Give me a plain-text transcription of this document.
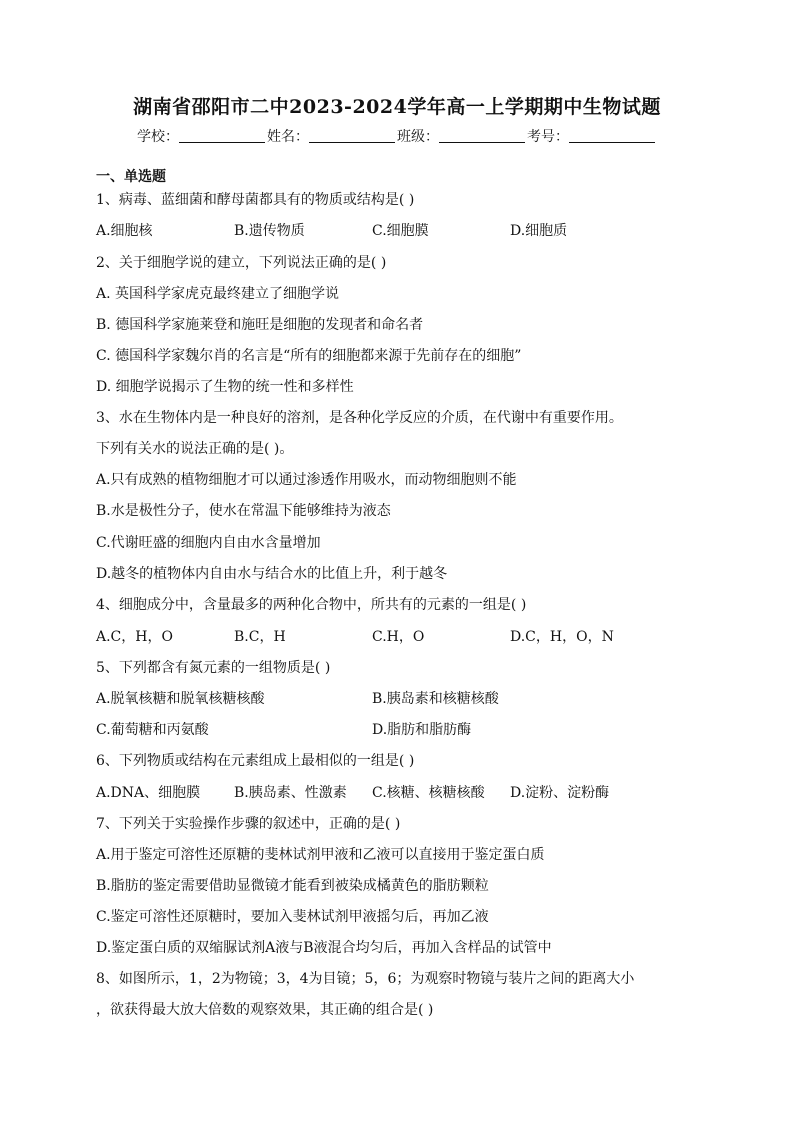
湖南省邵阳市二中2023-2024学年高一上学期期中生物试题
学校：	姓名：	班级：	考号：
一、单选题
1、病毒、蓝细菌和酵母菌都具有的物质或结构是( )
A.细胞核	B.遗传物质	C.细胞膜	D.细胞质
2、关于细胞学说的建立，下列说法正确的是( )
A. 英国科学家虎克最终建立了细胞学说
B. 德国科学家施莱登和施旺是细胞的发现者和命名者
C. 德国科学家魏尔肖的名言是“所有的细胞都来源于先前存在的细胞”
D. 细胞学说揭示了生物的统一性和多样性
3、水在生物体内是一种良好的溶剂，是各种化学反应的介质，在代谢中有重要作用。
下列有关水的说法正确的是( )。
A.只有成熟的植物细胞才可以通过渗透作用吸水，而动物细胞则不能
B.水是极性分子，使水在常温下能够维持为液态
C.代谢旺盛的细胞内自由水含量增加
D.越冬的植物体内自由水与结合水的比值上升，利于越冬
4、细胞成分中，含量最多的两种化合物中，所共有的元素的一组是( )
A.C，H，O	B.C，H	C.H，O	D.C，H，O，N
5、下列都含有氮元素的一组物质是( )
A.脱氧核糖和脱氧核糖核酸	B.胰岛素和核糖核酸
C.葡萄糖和丙氨酸	D.脂肪和脂肪酶
6、下列物质或结构在元素组成上最相似的一组是( )
A.DNA、细胞膜 B.胰岛素、性激素 C.核糖、核糖核酸 D.淀粉、淀粉酶
7、下列关于实验操作步骤的叙述中，正确的是( )
A.用于鉴定可溶性还原糖的斐林试剂甲液和乙液可以直接用于鉴定蛋白质
B.脂肪的鉴定需要借助显微镜才能看到被染成橘黄色的脂肪颗粒
C.鉴定可溶性还原糖时，要加入斐林试剂甲液摇匀后，再加乙液
D.鉴定蛋白质的双缩脲试剂A液与B液混合均匀后，再加入含样品的试管中
8、如图所示，1，2为物镜；3，4为目镜；5，6；为观察时物镜与装片之间的距离大小
，欲获得最大放大倍数的观察效果，其正确的组合是( )
